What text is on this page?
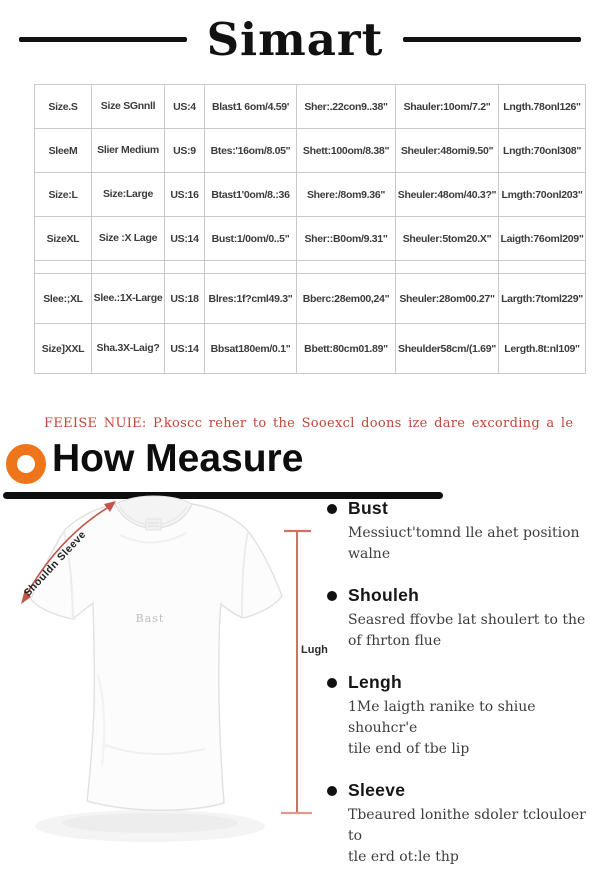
Simart
Size.S	Size SGnnll	US:4	Blast1 6om/4.59'	Sher:.22con9..38"	Shauler:10om/7.2"	Lngth.78onl126"
SleeM	Slier Medium	US:9	Btes:'16om/8.05"	Shett:100om/8.38"	Sheuler:48omi9.50"	Lngth:70onl308"
Size:L	Size:Large	US:16	Btast1'0om/8.:36	Shere:/8om9.36"	Sheuler:48om/40.3?"	Lmgth:70onl203"
SizeXL	Size :X Lage	US:14	Bust:1/0om/0..5"	Sher::B0om/9.31"	Sheuler:5tom20.X"	Laigth:76oml209"

Slee:;XL	Slee.:1X-Large	US:18	Blres:1f?cml49.3"	Bberc:28em00,24"	Sheuler:28om00.27"	Largth:7toml229"
Size]XXL	Sha.3X-Laig?	US:14	Bbsat180em/0.1"	Bbett:80cm01.89"	Sheulder58cm/(1.69"	Lergth.8t:nl109"
FEEISE NUIE: P.koscc reher to the Sooexcl doons ize dare excording a le
How Measure
Bast
Shouldn Sleeve
Lugh
Bust
Messiuct'tomnd lle ahet position walne
Shouleh
Seasred ffovbe lat shoulert to the
of fhrton flue
Lengh
1Me laigth ranike to shiue shouhcr'e
tile end of tbe lip
Sleeve
Tbeaured lonithe sdoler tclouloer to
tle erd ot:le thp
